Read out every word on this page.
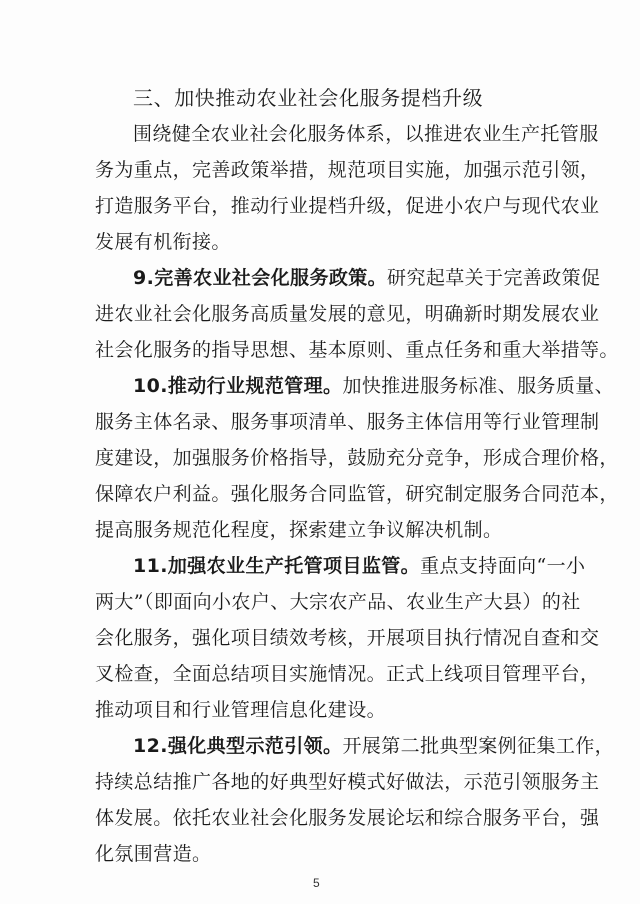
三、加快推动农业社会化服务提档升级
围绕健全农业社会化服务体系，以推进农业生产托管服
务为重点，完善政策举措，规范项目实施，加强示范引领，
打造服务平台，推动行业提档升级，促进小农户与现代农业
发展有机衔接。
9.完善农业社会化服务政策。研究起草关于完善政策促
进农业社会化服务高质量发展的意见，明确新时期发展农业
社会化服务的指导思想、基本原则、重点任务和重大举措等。
10.推动行业规范管理。加快推进服务标准、服务质量、
服务主体名录、服务事项清单、服务主体信用等行业管理制
度建设，加强服务价格指导，鼓励充分竞争，形成合理价格，
保障农户利益。强化服务合同监管，研究制定服务合同范本，
提高服务规范化程度，探索建立争议解决机制。
11.加强农业生产托管项目监管。重点支持面向“一小
两大”（即面向小农户、大宗农产品、农业生产大县）的社
会化服务，强化项目绩效考核，开展项目执行情况自查和交
叉检查，全面总结项目实施情况。正式上线项目管理平台，
推动项目和行业管理信息化建设。
12.强化典型示范引领。开展第二批典型案例征集工作，
持续总结推广各地的好典型好模式好做法，示范引领服务主
体发展。依托农业社会化服务发展论坛和综合服务平台，强
化氛围营造。
5
